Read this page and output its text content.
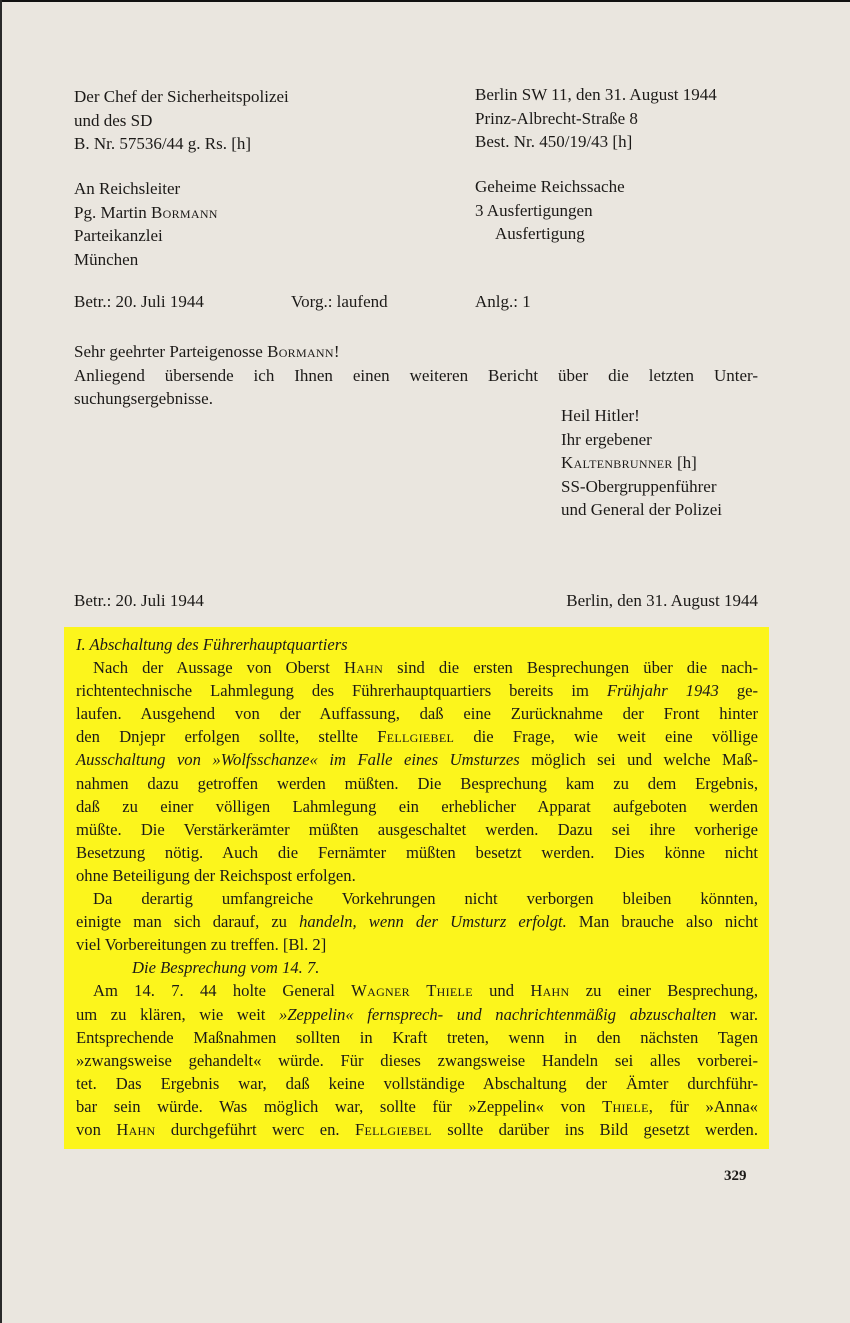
Der Chef der Sicherheitspolizei
und des SD
B. Nr. 57536/44 g. Rs. [h]
Berlin SW 11, den 31. August 1944
Prinz-Albrecht-Straße 8
Best. Nr. 450/19/43 [h]
An Reichsleiter
Pg. Martin Bormann
Parteikanzlei
München
Geheime Reichssache
3 Ausfertigungen
Ausfertigung
Betr.: 20. Juli 1944	Vorg.: laufend	Anlg.: 1
Sehr geehrter Parteigenosse Bormann!
Anliegend übersende ich Ihnen einen weiteren Bericht über die letzten Unter-
suchungsergebnisse.
Heil Hitler!
Ihr ergebener
Kaltenbrunner [h]
SS-Obergruppenführer
und General der Polizei
Betr.: 20. Juli 1944	Berlin, den 31. August 1944
I. Abschaltung des Führerhauptquartiers
Nach der Aussage von Oberst Hahn sind die ersten Besprechungen über die nach-
richtentechnische Lahmlegung des Führerhauptquartiers bereits im Frühjahr 1943 ge-
laufen. Ausgehend von der Auffassung, daß eine Zurücknahme der Front hinter
den Dnjepr erfolgen sollte, stellte Fellgiebel die Frage, wie weit eine völlige
Ausschaltung von »Wolfsschanze« im Falle eines Umsturzes möglich sei und welche Maß-
nahmen dazu getroffen werden müßten. Die Besprechung kam zu dem Ergebnis,
daß zu einer völligen Lahmlegung ein erheblicher Apparat aufgeboten werden
müßte. Die Verstärkerämter müßten ausgeschaltet werden. Dazu sei ihre vorherige
Besetzung nötig. Auch die Fernämter müßten besetzt werden. Dies könne nicht
ohne Beteiligung der Reichspost erfolgen.
Da derartig umfangreiche Vorkehrungen nicht verborgen bleiben könnten,
einigte man sich darauf, zu handeln, wenn der Umsturz erfolgt. Man brauche also nicht
viel Vorbereitungen zu treffen. [Bl. 2]
Die Besprechung vom 14. 7.
Am 14. 7. 44 holte General Wagner Thiele und Hahn zu einer Besprechung,
um zu klären, wie weit »Zeppelin« fernsprech- und nachrichtenmäßig abzuschalten war.
Entsprechende Maßnahmen sollten in Kraft treten, wenn in den nächsten Tagen
»zwangsweise gehandelt« würde. Für dieses zwangsweise Handeln sei alles vorberei-
tet. Das Ergebnis war, daß keine vollständige Abschaltung der Ämter durchführ-
bar sein würde. Was möglich war, sollte für »Zeppelin« von Thiele, für »Anna«
von Hahn durchgeführt werc en. Fellgiebel sollte darüber ins Bild gesetzt werden.
329
